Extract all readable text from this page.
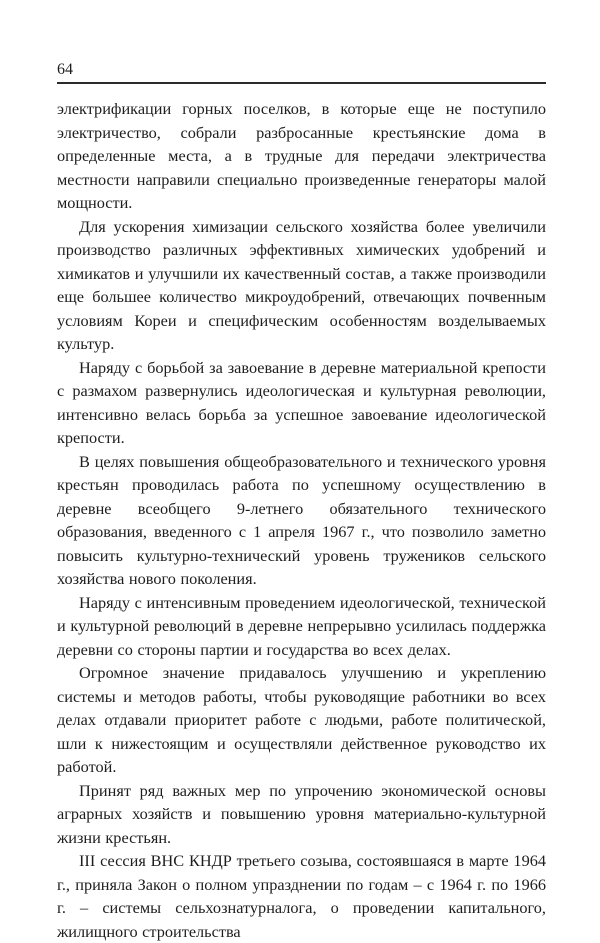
64

электрификации горных поселков, в которые еще не поступило электричество, собрали разбросанные крестьянские дома в определенные места, а в трудные для передачи электричества местности направили специально произведенные генераторы малой мощности.

Для ускорения химизации сельского хозяйства более увеличили производство различных эффективных химических удобрений и химикатов и улучшили их качественный состав, а также производили еще большее количество микроудобрений, отвечающих почвенным условиям Кореи и специфическим особенностям возделываемых культур.

Наряду с борьбой за завоевание в деревне материальной крепости с размахом развернулись идеологическая и культурная революции, интенсивно велась борьба за успешное завоевание идеологической крепости.

В целях повышения общеобразовательного и технического уровня крестьян проводилась работа по успешному осуществлению в деревне всеобщего 9-летнего обязательного технического образования, введенного с 1 апреля 1967 г., что позволило заметно повысить культурно-технический уровень тружеников сельского хозяйства нового поколения.

Наряду с интенсивным проведением идеологической, технической и культурной революций в деревне непрерывно усилилась поддержка деревни со стороны партии и государства во всех делах.

Огромное значение придавалось улучшению и укреплению системы и методов работы, чтобы руководящие работники во всех делах отдавали приоритет работе с людьми, работе политической, шли к нижестоящим и осуществляли действенное руководство их работой.

Принят ряд важных мер по упрочению экономической основы аграрных хозяйств и повышению уровня материально-культурной жизни крестьян.

III сессия ВНС КНДР третьего созыва, состоявшаяся в марте 1964 г., приняла Закон о полном упразднении по годам – с 1964 г. по 1966 г. – системы сельхознатурналога, о проведении капитального, жилищного строительства
